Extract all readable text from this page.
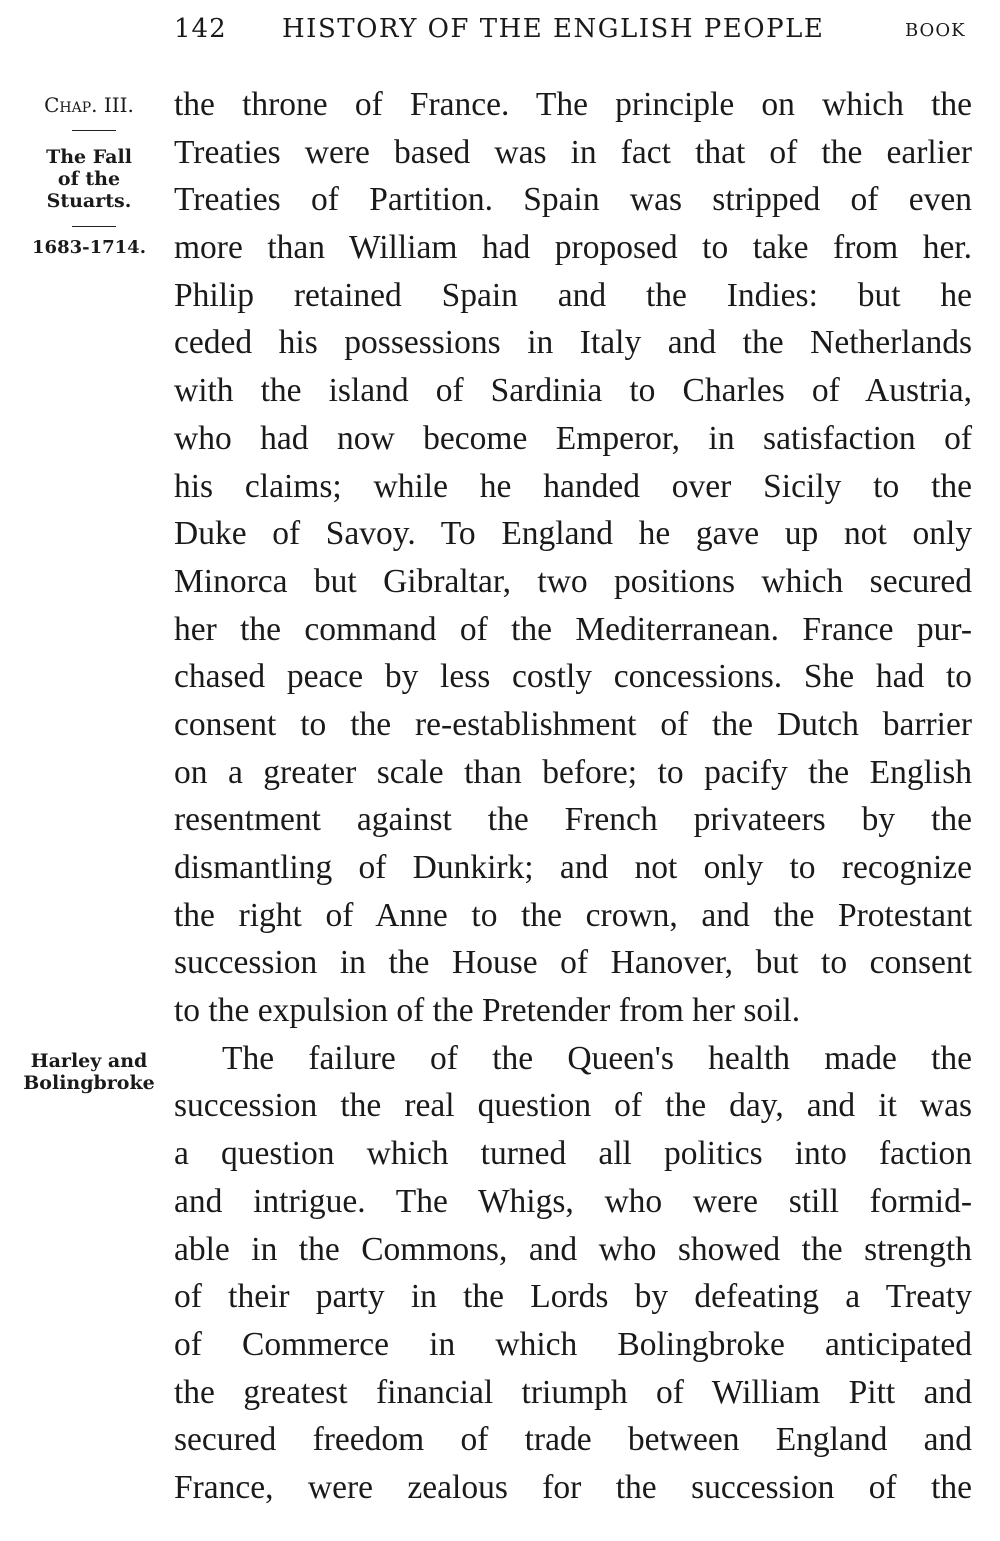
142 HISTORY OF THE ENGLISH PEOPLE	BOOK
Chap. III.
The Fall
of the
Stuarts.
1683-1714.
Harley and
Bolingbroke
the throne of France. The principle on which the
Treaties were based was in fact that of the earlier
Treaties of Partition. Spain was stripped of even
more than William had proposed to take from her.
Philip retained Spain and the Indies: but he
ceded his possessions in Italy and the Netherlands
with the island of Sardinia to Charles of Austria,
who had now become Emperor, in satisfaction of
his claims; while he handed over Sicily to the
Duke of Savoy. To England he gave up not only
Minorca but Gibraltar, two positions which secured
her the command of the Mediterranean. France pur-
chased peace by less costly concessions. She had to
consent to the re-establishment of the Dutch barrier
on a greater scale than before; to pacify the English
resentment against the French privateers by the
dismantling of Dunkirk; and not only to recognize
the right of Anne to the crown, and the Protestant
succession in the House of Hanover, but to consent
to the expulsion of the Pretender from her soil.
The failure of the Queen's health made the
succession the real question of the day, and it was
a question which turned all politics into faction
and intrigue. The Whigs, who were still formid-
able in the Commons, and who showed the strength
of their party in the Lords by defeating a Treaty
of Commerce in which Bolingbroke anticipated
the greatest financial triumph of William Pitt and
secured freedom of trade between England and
France, were zealous for the succession of the
